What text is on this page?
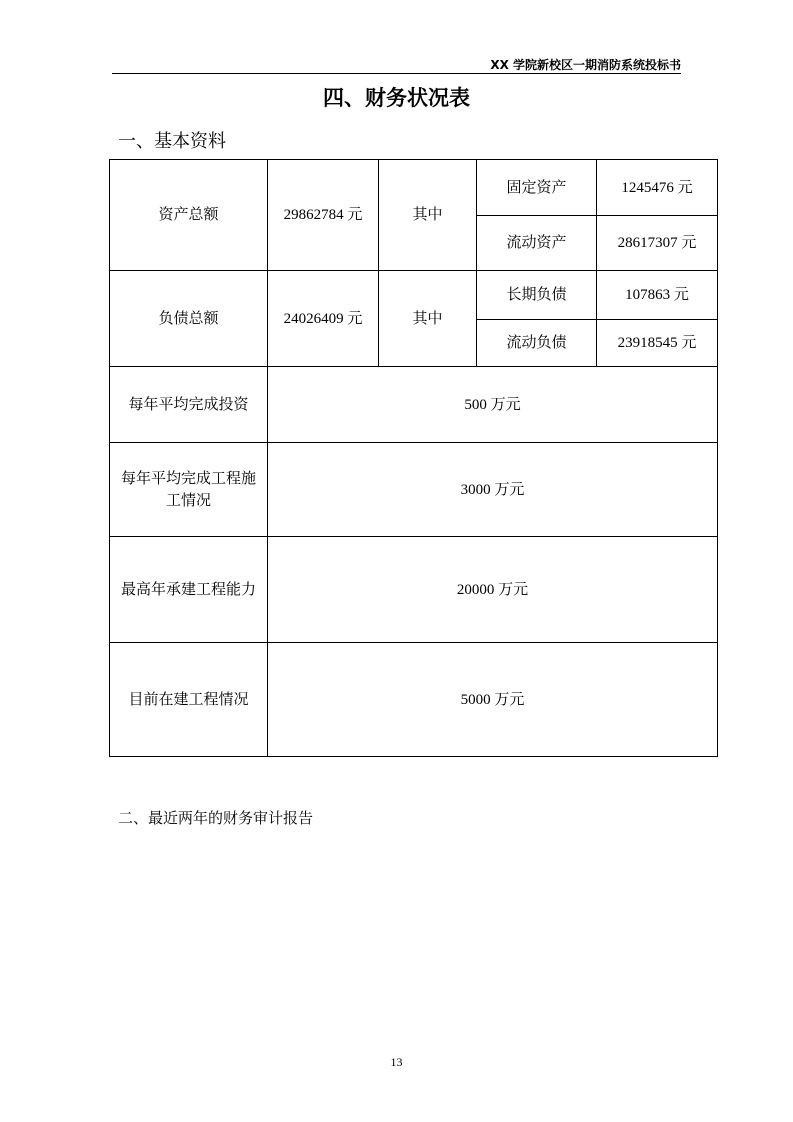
XX 学院新校区一期消防系统投标书
四、财务状况表
一、基本资料
资产总额	29862784 元	其中	固定资产	1245476 元
			流动资产	28617307 元
负债总额	24026409 元	其中	长期负债	107863 元
			流动负债	23918545 元
每年平均完成投资	500 万元			
每年平均完成工程施工情况	3000 万元			
最高年承建工程能力	20000 万元			
目前在建工程情况	5000 万元			
二、最近两年的财务审计报告
13
